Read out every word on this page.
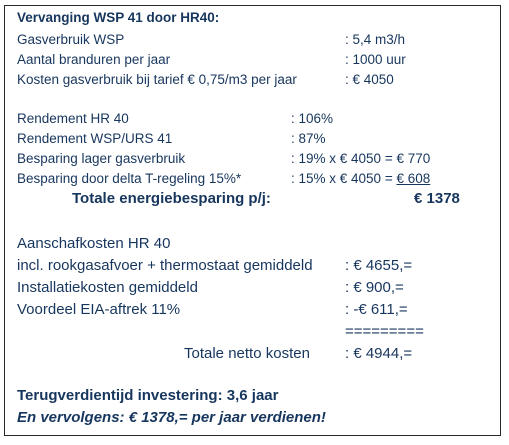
Vervanging WSP 41 door HR40:
Gasverbruik WSP	: 5,4 m3/h
Aantal branduren per jaar	: 1000 uur
Kosten gasverbruik bij tarief € 0,75/m3 per jaar	: € 4050
Rendement HR 40	: 106%
Rendement WSP/URS 41	: 87%
Besparing lager gasverbruik	: 19% x € 4050 = € 770
Besparing door delta T-regeling 15%*	: 15% x € 4050 = € 608
Totale energiebesparing p/j:	€ 1378
Aanschafkosten HR 40
incl. rookgasafvoer + thermostaat gemiddeld : € 4655,=
Installatiekosten gemiddeld	: € 900,=
Voordeel EIA-aftrek 11%	: -€ 611,=
=========
Totale netto kosten : € 4944,=
Terugverdientijd investering: 3,6 jaar
En vervolgens: € 1378,= per jaar verdienen!
